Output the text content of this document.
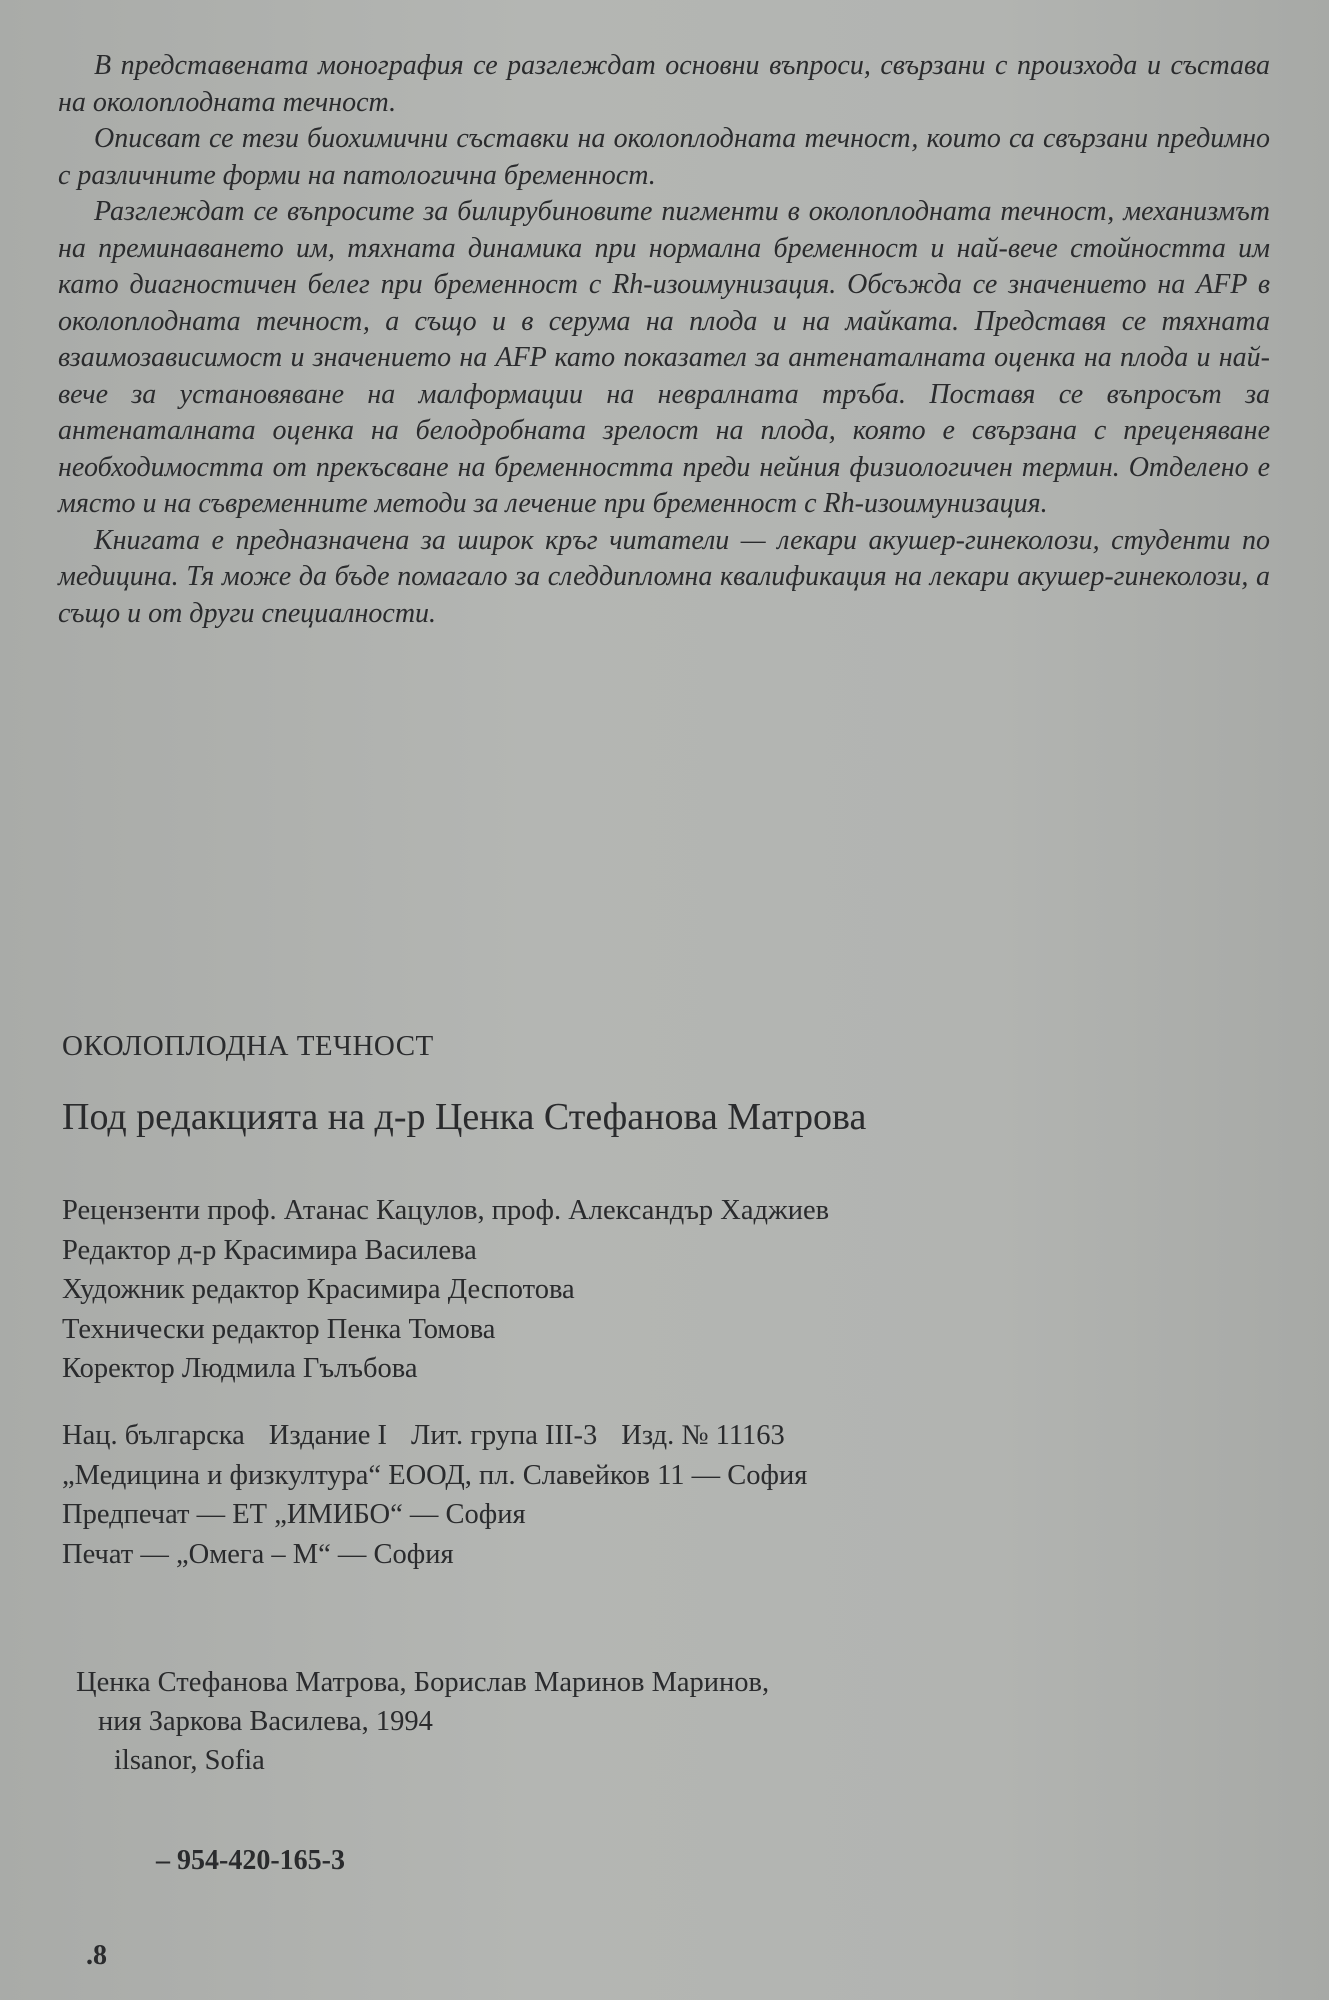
В представената монография се разглеждат основни въпроси, свързани с произхода и състава на околоплодната течност.

Описват се тези биохимични съставки на околоплодната течност, които са свързани предимно с различните форми на патологична бременност.

Разглеждат се въпросите за билирубиновите пигменти в околоплодната течност, механизмът на преминаването им, тяхната динамика при нормална бременност и най-вече стойността им като диагностичен белег при бременност с Rh-изоимунизация. Обсъжда се значението на AFP в околоплодната течност, а също и в серума на плода и на майката. Представя се тяхната взаимозависимост и значението на AFP като показател за антенаталната оценка на плода и най-вече за установяване на малформации на невралната тръба. Поставя се въпросът за антенаталната оценка на белодробната зрелост на плода, която е свързана с преценяване необходимостта от прекъсване на бременността преди нейния физиологичен термин. Отделено е място и на съвременните методи за лечение при бременност с Rh-изоимунизация.

Книгата е предназначена за широк кръг читатели — лекари акушер-гинеколози, студенти по медицина. Тя може да бъде помагало за следдипломна квалификация на лекари акушер-гинеколози, а също и от други специалности.

ОКОЛОПЛОДНА ТЕЧНОСТ
Под редакцията на д-р Ценка Стефанова Матрова
Рецензенти проф. Атанас Кацулов, проф. Александър Хаджиев
Редактор д-р Красимира Василева
Художник редактор Красимира Деспотова
Технически редактор Пенка Томова
Коректор Людмила Гълъбова
Нац. българска Издание I Лит. група III-3 Изд. № 11163
„Медицина и физкултура“ ЕООД, пл. Славейков 11 — София
Предпечат — ЕТ „ИМИБО“ — София
Печат — „Омега – М“ — София
Ценка Стефанова Матрова, Борислав Маринов Маринов,
ния Заркова Василева, 1994
ilsanor, Sofia
– 954-420-165-3
.8
